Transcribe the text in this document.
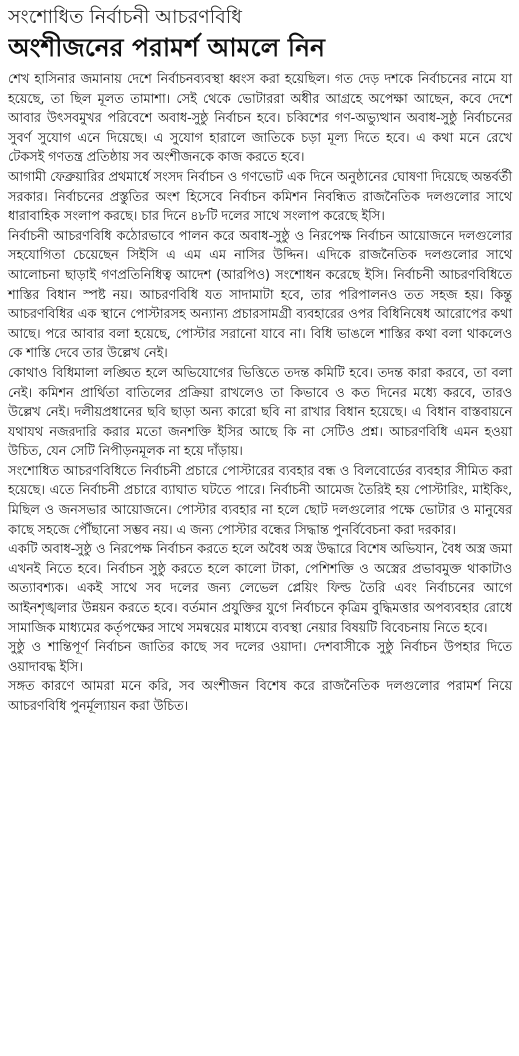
সংশোধিত নির্বাচনী আচরণবিধি
অংশীজনের পরামর্শ আমলে নিন

শেখ হাসিনার জমানায় দেশে নির্বাচনব্যবস্থা ধ্বংস করা হয়েছিল। গত দেড় দশকে নির্বাচনের নামে যা হয়েছে, তা ছিল মূলত তামাশা। সেই থেকে ভোটাররা অধীর আগ্রহে অপেক্ষা আছেন, কবে দেশে আবার উৎসবমুখর পরিবেশে অবাধ-সুষ্ঠু নির্বাচন হবে। চব্বিশের গণ-অভ্যুত্থান অবাধ-সুষ্ঠু নির্বাচনের সুবর্ণ সুযোগ এনে দিয়েছে। এ সুযোগ হারালে জাতিকে চড়া মূল্য দিতে হবে। এ কথা মনে রেখে টেকসই গণতন্ত্র প্রতিষ্ঠায় সব অংশীজনকে কাজ করতে হবে।

আগামী ফেব্রুয়ারির প্রথমার্ধে সংসদ নির্বাচন ও গণভোট এক দিনে অনুষ্ঠানের ঘোষণা দিয়েছে অন্তর্বর্তী সরকার। নির্বাচনের প্রস্তুতির অংশ হিসেবে নির্বাচন কমিশন নিবন্ধিত রাজনৈতিক দলগুলোর সাথে ধারাবাহিক সংলাপ করছে। চার দিনে ৪৮টি দলের সাথে সংলাপ করেছে ইসি।

নির্বাচনী আচরণবিধি কঠোরভাবে পালন করে অবাধ-সুষ্ঠু ও নিরপেক্ষ নির্বাচন আয়োজনে দলগুলোর সহযোগিতা চেয়েছেন সিইসি এ এম এম নাসির উদ্দিন। এদিকে রাজনৈতিক দলগুলোর সাথে আলোচনা ছাড়াই গণপ্রতিনিধিত্ব আদেশ (আরপিও) সংশোধন করেছে ইসি। নির্বাচনী আচরণবিধিতে শাস্তির বিধান স্পষ্ট নয়। আচরণবিধি যত সাদামাটা হবে, তার পরিপালনও তত সহজ হয়। কিন্তু আচরণবিধির এক স্থানে পোস্টারসহ অন্যান্য প্রচারসামগ্রী ব্যবহারের ওপর বিধিনিষেধ আরোপের কথা আছে। পরে আবার বলা হয়েছে, পোস্টার সরানো যাবে না। বিধি ভাঙলে শাস্তির কথা বলা থাকলেও কে শাস্তি দেবে তার উল্লেখ নেই।

কোথাও বিধিমালা লঙ্ঘিত হলে অভিযোগের ভিত্তিতে তদন্ত কমিটি হবে। তদন্ত কারা করবে, তা বলা নেই। কমিশন প্রার্থিতা বাতিলের প্রক্রিয়া রাখলেও তা কিভাবে ও কত দিনের মধ্যে করবে, তারও উল্লেখ নেই। দলীয়প্রধানের ছবি ছাড়া অন্য কারো ছবি না রাখার বিধান হয়েছে। এ বিধান বাস্তবায়নে যথাযথ নজরদারি করার মতো জনশক্তি ইসির আছে কি না সেটিও প্রশ্ন। আচরণবিধি এমন হওয়া উচিত, যেন সেটি নিপীড়নমূলক না হয়ে দাঁড়ায়।

সংশোধিত আচরণবিধিতে নির্বাচনী প্রচারে পোস্টারের ব্যবহার বন্ধ ও বিলবোর্ডের ব্যবহার সীমিত করা হয়েছে। এতে নির্বাচনী প্রচারে ব্যাঘাত ঘটতে পারে। নির্বাচনী আমেজ তৈরিই হয় পোস্টারিং, মাইকিং, মিছিল ও জনসভার আয়োজনে। পোস্টার ব্যবহার না হলে ছোট দলগুলোর পক্ষে ভোটার ও মানুষের কাছে সহজে পৌঁছানো সম্ভব নয়। এ জন্য পোস্টার বন্ধের সিদ্ধান্ত পুনর্বিবেচনা করা দরকার।

একটি অবাধ-সুষ্ঠু ও নিরপেক্ষ নির্বাচন করতে হলে অবৈধ অস্ত্র উদ্ধারে বিশেষ অভিযান, বৈধ অস্ত্র জমা এখনই নিতে হবে। নির্বাচন সুষ্ঠু করতে হলে কালো টাকা, পেশিশক্তি ও অস্ত্রের প্রভাবমুক্ত থাকাটাও অত্যাবশ্যক। একই সাথে সব দলের জন্য লেভেল প্লেয়িং ফিল্ড তৈরি এবং নির্বাচনের আগে আইনশৃঙ্খলার উন্নয়ন করতে হবে। বর্তমান প্রযুক্তির যুগে নির্বাচনে কৃত্রিম বুদ্ধিমত্তার অপব্যবহার রোধে সামাজিক মাধ্যমের কর্তৃপক্ষের সাথে সমন্বয়ের মাধ্যমে ব্যবস্থা নেয়ার বিষয়টি বিবেচনায় নিতে হবে।

সুষ্ঠু ও শান্তিপূর্ণ নির্বাচন জাতির কাছে সব দলের ওয়াদা। দেশবাসীকে সুষ্ঠু নির্বাচন উপহার দিতে ওয়াদাবদ্ধ ইসি।

সঙ্গত কারণে আমরা মনে করি, সব অংশীজন বিশেষ করে রাজনৈতিক দলগুলোর পরামর্শ নিয়ে আচরণবিধি পুনর্মূল্যায়ন করা উচিত।
